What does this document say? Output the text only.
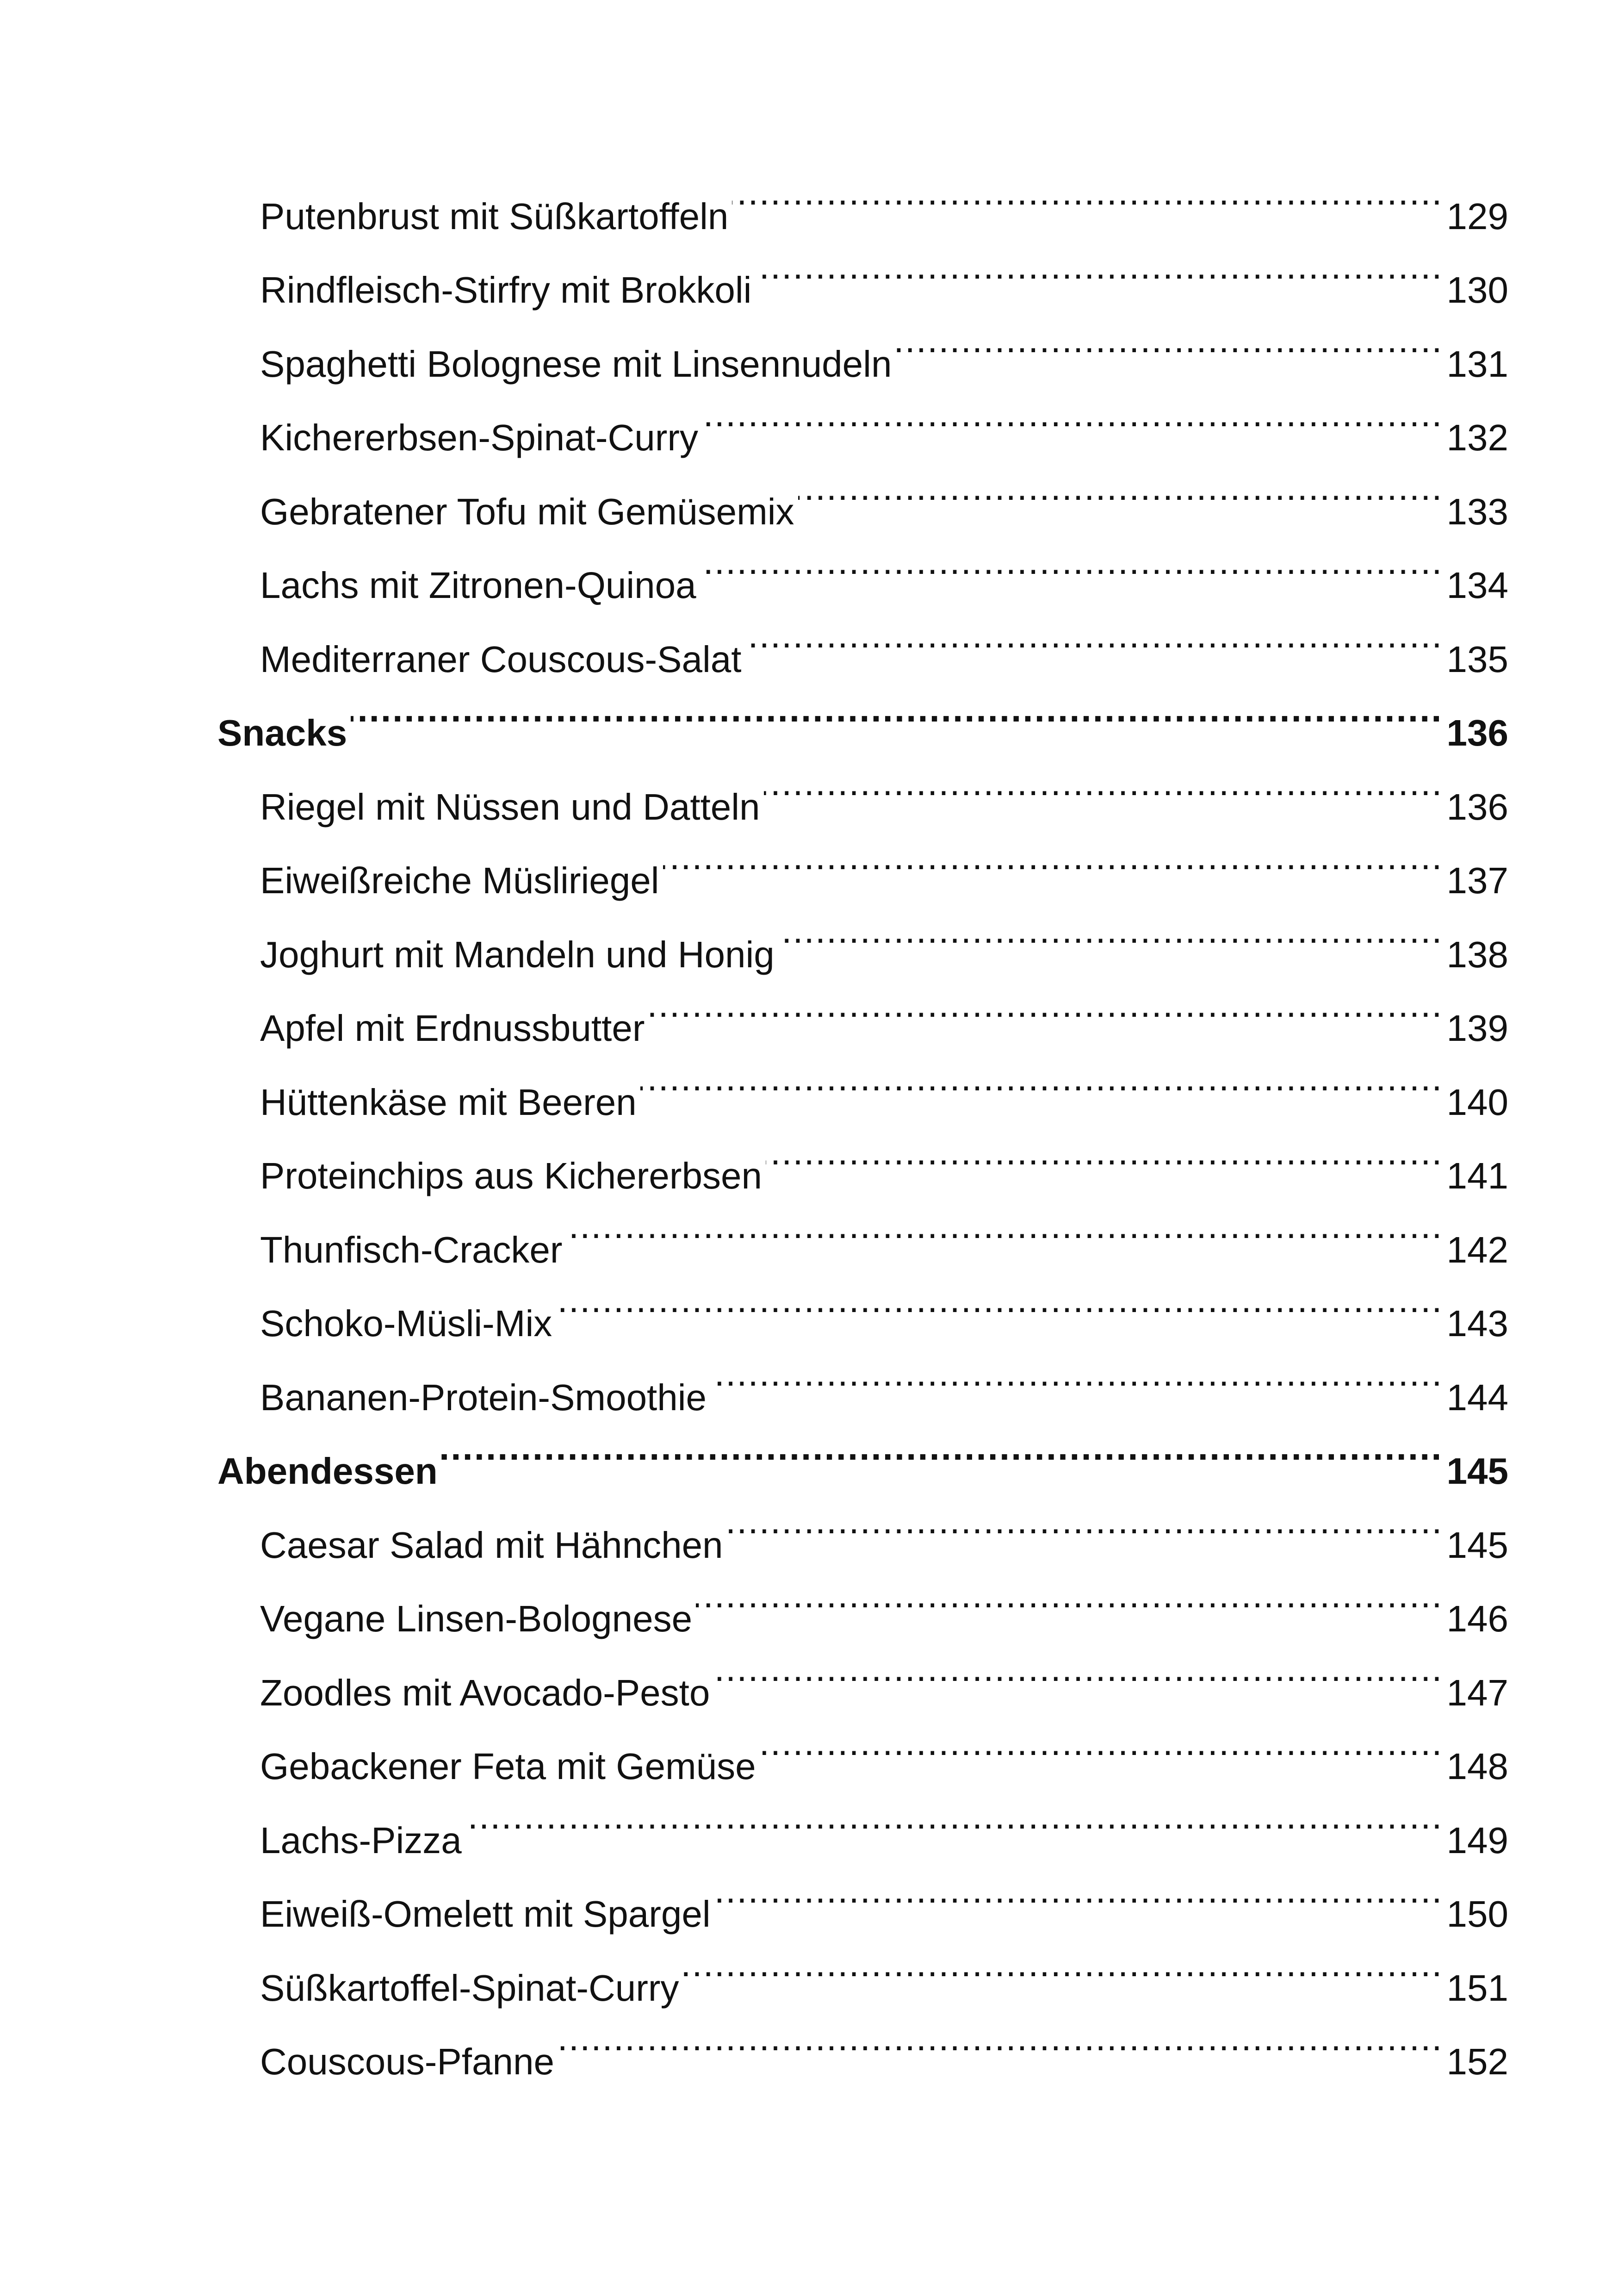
Putenbrust mit Süßkartoffeln .....	129
Rindfleisch-Stirfry mit Brokkoli .....	130
Spaghetti Bolognese mit Linsennudeln .....	131
Kichererbsen-Spinat-Curry .....	132
Gebratener Tofu mit Gemüsemix .....	133
Lachs mit Zitronen-Quinoa .....	134
Mediterraner Couscous-Salat .....	135
Snacks .....	136
Riegel mit Nüssen und Datteln .....	136
Eiweißreiche Müsliriegel .....	137
Joghurt mit Mandeln und Honig .....	138
Apfel mit Erdnussbutter .....	139
Hüttenkäse mit Beeren .....	140
Proteinchips aus Kichererbsen .....	141
Thunfisch-Cracker .....	142
Schoko-Müsli-Mix .....	143
Bananen-Protein-Smoothie .....	144
Abendessen .....	145
Caesar Salad mit Hähnchen .....	145
Vegane Linsen-Bolognese .....	146
Zoodles mit Avocado-Pesto .....	147
Gebackener Feta mit Gemüse .....	148
Lachs-Pizza .....	149
Eiweiß-Omelett mit Spargel .....	150
Süßkartoffel-Spinat-Curry .....	151
Couscous-Pfanne .....	152
